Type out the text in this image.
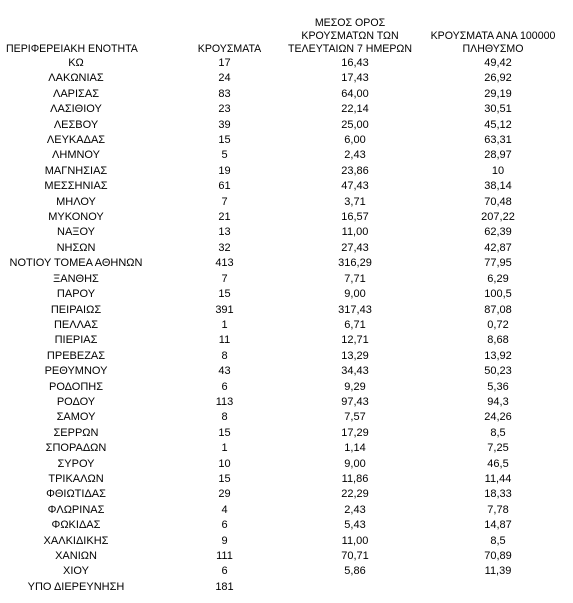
ΠΕΡΙΦΕΡΕΙΑΚΗ ΕΝΟΤΗΤΑ	ΚΡΟΥΣΜΑΤΑ	ΜΕΣΟΣ ΟΡΟΣ
ΚΡΟΥΣΜΑΤΩΝ ΤΩΝ
ΤΕΛΕΥΤΑΙΩΝ 7 ΗΜΕΡΩΝ	ΚΡΟΥΣΜΑΤΑ ΑΝΑ 100000
ΠΛΗΘΥΣΜΟ

ΚΩ	17	16,43	49,42
ΛΑΚΩΝΙΑΣ	24	17,43	26,92
ΛΑΡΙΣΑΣ	83	64,00	29,19
ΛΑΣΙΘΙΟΥ	23	22,14	30,51
ΛΕΣΒΟΥ	39	25,00	45,12
ΛΕΥΚΑΔΑΣ	15	6,00	63,31
ΛΗΜΝΟΥ	5	2,43	28,97
ΜΑΓΝΗΣΙΑΣ	19	23,86	10
ΜΕΣΣΗΝΙΑΣ	61	47,43	38,14
ΜΗΛΟΥ	7	3,71	70,48
ΜΥΚΟΝΟΥ	21	16,57	207,22
ΝΑΞΟΥ	13	11,00	62,39
ΝΗΣΩΝ	32	27,43	42,87
ΝΟΤΙΟΥ ΤΟΜΕΑ ΑΘΗΝΩΝ	413	316,29	77,95
ΞΑΝΘΗΣ	7	7,71	6,29
ΠΑΡΟΥ	15	9,00	100,5
ΠΕΙΡΑΙΩΣ	391	317,43	87,08
ΠΕΛΛΑΣ	1	6,71	0,72
ΠΙΕΡΙΑΣ	11	12,71	8,68
ΠΡΕΒΕΖΑΣ	8	13,29	13,92
ΡΕΘΥΜΝΟΥ	43	34,43	50,23
ΡΟΔΟΠΗΣ	6	9,29	5,36
ΡΟΔΟΥ	113	97,43	94,3
ΣΑΜΟΥ	8	7,57	24,26
ΣΕΡΡΩΝ	15	17,29	8,5
ΣΠΟΡΑΔΩΝ	1	1,14	7,25
ΣΥΡΟΥ	10	9,00	46,5
ΤΡΙΚΑΛΩΝ	15	11,86	11,44
ΦΘΙΩΤΙΔΑΣ	29	22,29	18,33
ΦΛΩΡΙΝΑΣ	4	2,43	7,78
ΦΩΚΙΔΑΣ	6	5,43	14,87
ΧΑΛΚΙΔΙΚΗΣ	9	11,00	8,5
ΧΑΝΙΩΝ	111	70,71	70,89
ΧΙΟΥ	6	5,86	11,39
ΥΠΟ ΔΙΕΡΕΥΝΗΣΗ	181		
